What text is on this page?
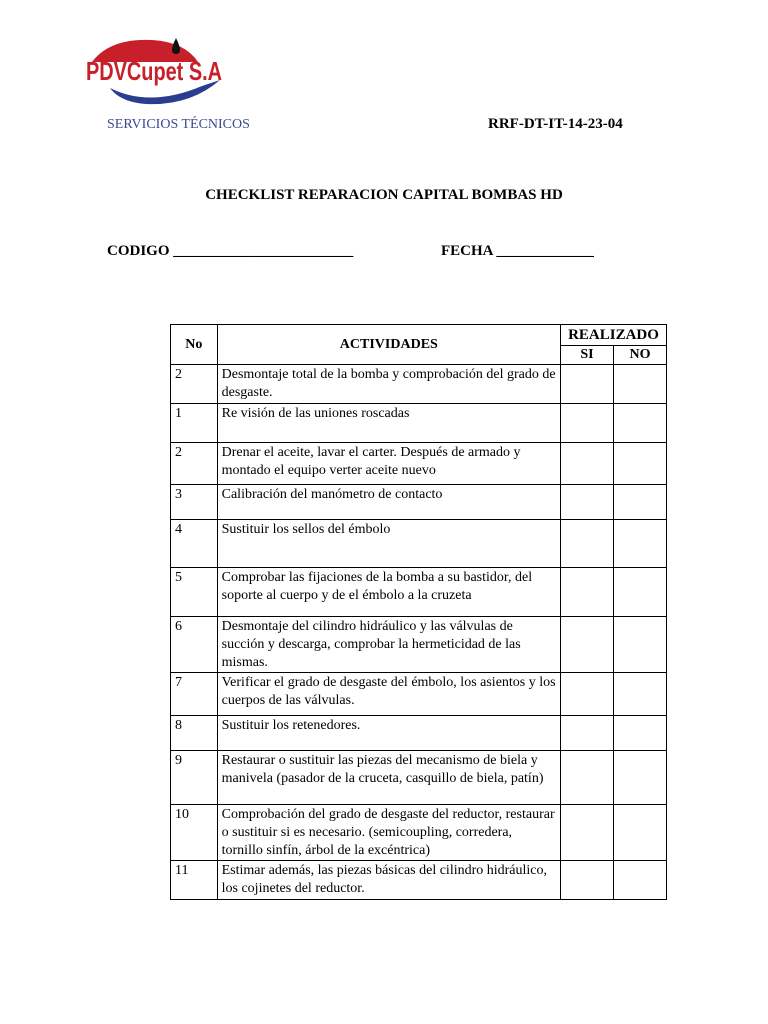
PDVCupet S.A
SERVICIOS TÉCNICOS	RRF-DT-IT-14-23-04
CHECKLIST REPARACION CAPITAL BOMBAS HD
CODIGO ________________________	FECHA _____________
No	ACTIVIDADES	REALIZADO	
		SI	NO
2	Desmontaje total de la bomba y comprobación del grado de desgaste.		
1	Re visión de las uniones roscadas		
2	Drenar el aceite, lavar el carter. Después de armado y montado el equipo verter aceite nuevo		
3	Calibración del manómetro de contacto		
4	Sustituir los sellos del émbolo		
5	Comprobar las fijaciones de la bomba a su bastidor, del soporte al cuerpo y de el émbolo a la cruzeta		
6	Desmontaje del cilindro hidráulico y las válvulas de succión y descarga, comprobar la hermeticidad de las mismas.		
7	Verificar el grado de desgaste del émbolo, los asientos y los cuerpos de las válvulas.		
8	Sustituir los retenedores.		
9	Restaurar o sustituir las piezas del mecanismo de biela y manivela (pasador de la cruceta, casquillo de biela, patín)		
10	Comprobación del grado de desgaste del reductor, restaurar o sustituir si es necesario. (semicoupling, corredera, tornillo sinfín, árbol de la excéntrica)		
11	Estimar además, las piezas básicas del cilindro hidráulico, los cojinetes del reductor.		
